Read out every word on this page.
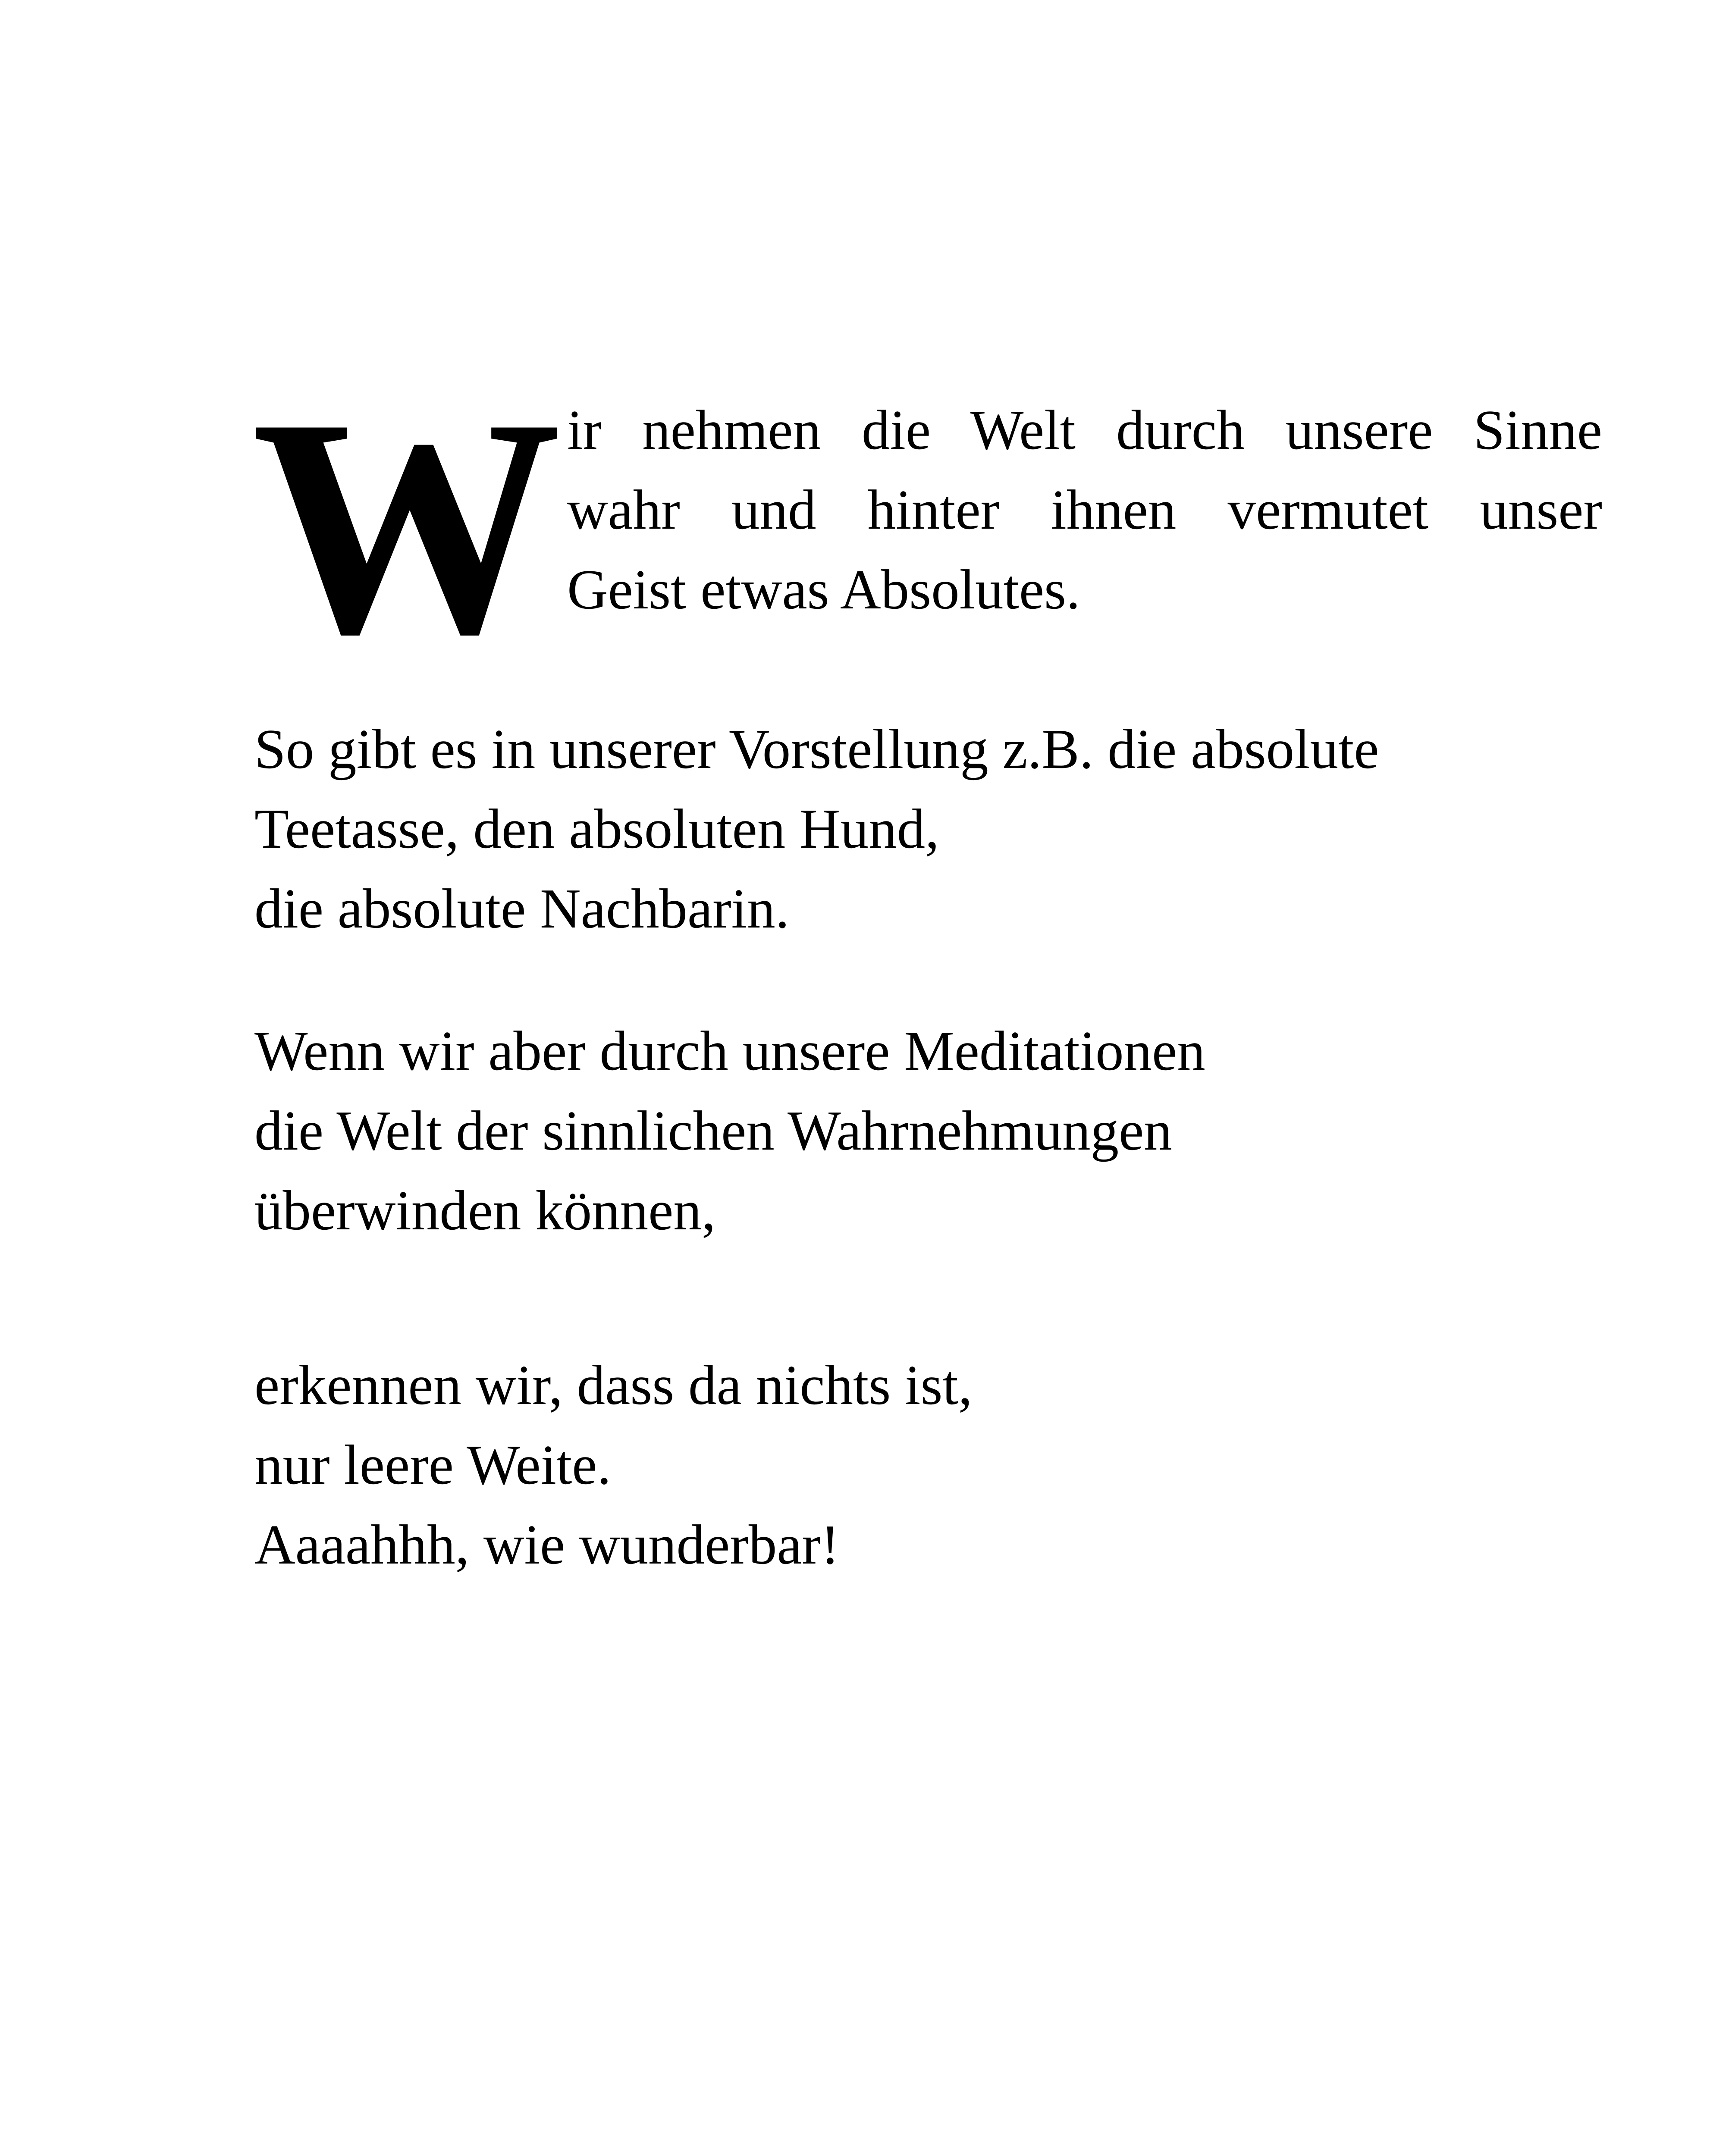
W ir nehmen die Welt durch unsere Sinne
wahr und hinter ihnen vermutet unser
Geist etwas Absolutes.
So gibt es in unserer Vorstellung z.B. die absolute
Teetasse, den absoluten Hund,
die absolute Nachbarin.
Wenn wir aber durch unsere Meditationen
die Welt der sinnlichen Wahrnehmungen
überwinden können,
erkennen wir, dass da nichts ist,
nur leere Weite.
Aaaahhh, wie wunderbar!
